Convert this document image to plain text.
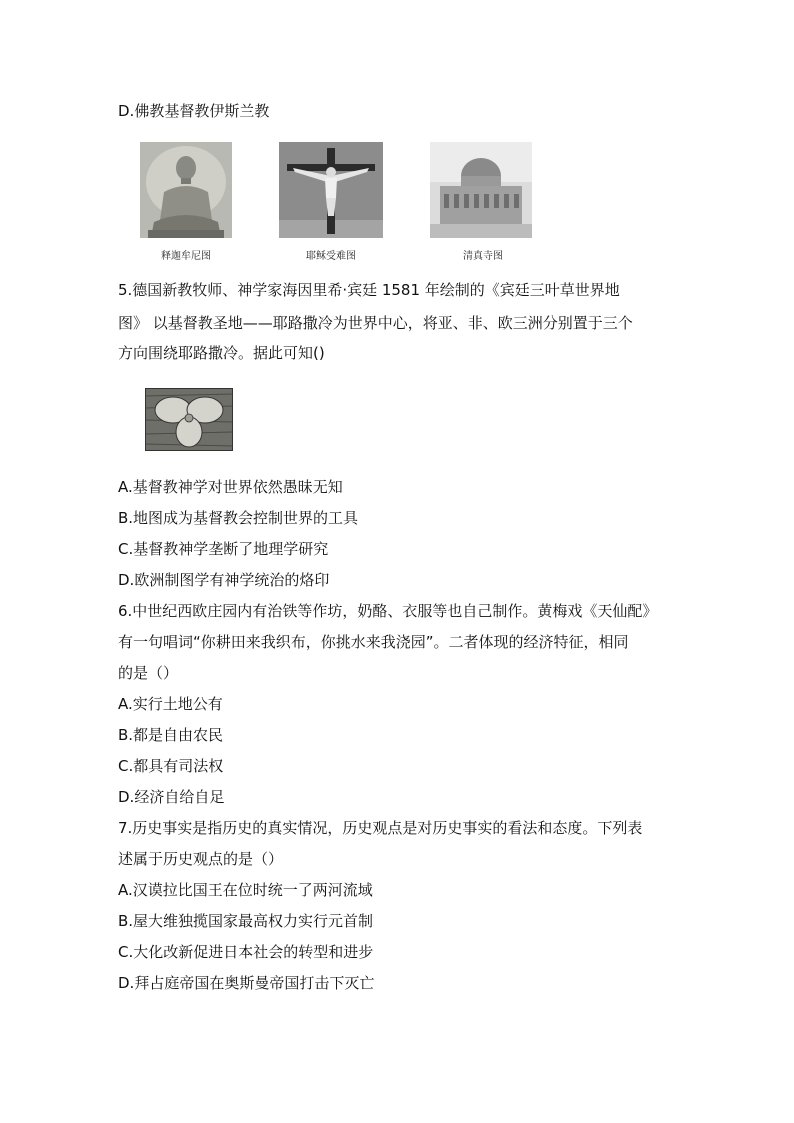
D.佛教基督教伊斯兰教
释迦牟尼图	耶稣受难图	清真寺图
5.德国新教牧师、神学家海因里希·宾廷 1581 年绘制的《宾廷三叶草世界地
图》 以基督教圣地——耶路撒冷为世界中心，将亚、非、欧三洲分别置于三个
方向围绕耶路撒冷。据此可知()
A.基督教神学对世界依然愚昧无知
B.地图成为基督教会控制世界的工具
C.基督教神学垄断了地理学研究
D.欧洲制图学有神学统治的烙印
6.中世纪西欧庄园内有治铁等作坊，奶酪、衣服等也自己制作。黄梅戏《天仙配》
有一句唱词“你耕田来我织布，你挑水来我浇园”。二者体现的经济特征，相同
的是（）
A.实行土地公有
B.都是自由农民
C.都具有司法权
D.经济自给自足
7.历史事实是指历史的真实情况，历史观点是对历史事实的看法和态度。下列表
述属于历史观点的是（）
A.汉谟拉比国王在位时统一了两河流域
B.屋大维独揽国家最高权力实行元首制
C.大化改新促进日本社会的转型和进步
D.拜占庭帝国在奥斯曼帝国打击下灭亡
